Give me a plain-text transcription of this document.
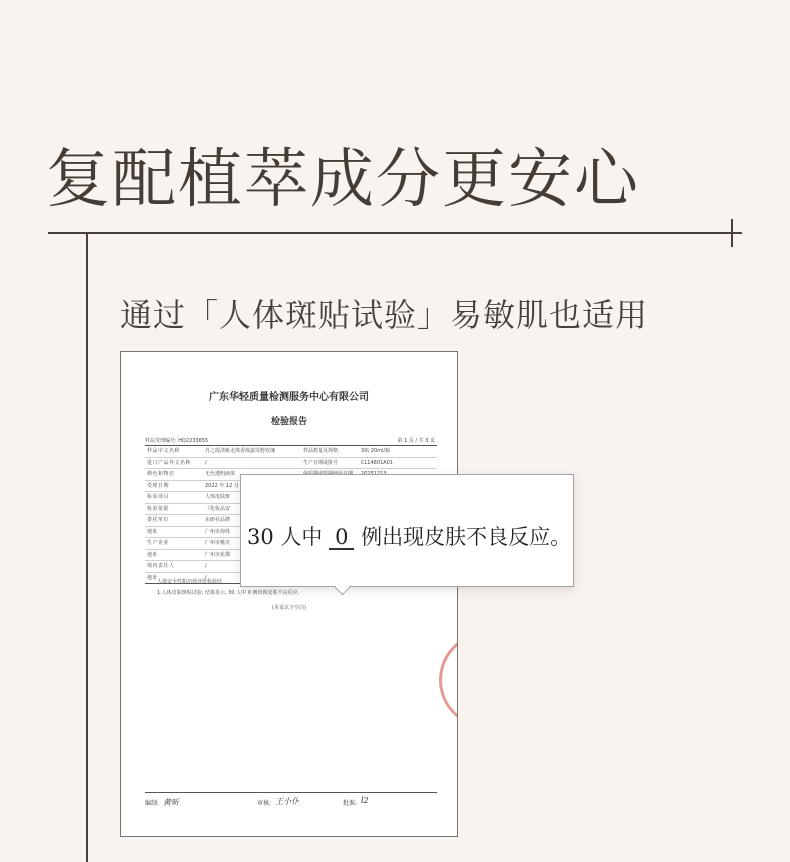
复配植萃成分更安心
通过「人体斑贴试验」易敏肌也适用
广东华轻质量检测服务中心有限公司
检验报告
样品受理编号: HQ2233655	第 1 页 / 共 3 页
样品中文名称	丹之霞清新走珠香体露荧野玫瑰	样品数量及规格	3瓶 20ml/瓶
进口产品外文名称	/	生产日期或批号	CL14801A01
颜色和物态	无色透明液体
受理日期	2022 年 12 月
检验项目	人体皮肤斑
检验依据	《化妆品安
委托单位	东研社品牌
地址	广州市海珠
生产企业	广州市雅沉
地址	广州市花都
境内责任人	/
地址	/
人体安全性和功效评价检验结
1.人体皮肤斑贴试验: 结果显示, 30 人中 0 例出现皮肤不良反应。
(本页以下空白)
编制: 黄昕	审核: 王小仆	批准: l2
30 人中 0 例出现皮肤不良反应。
